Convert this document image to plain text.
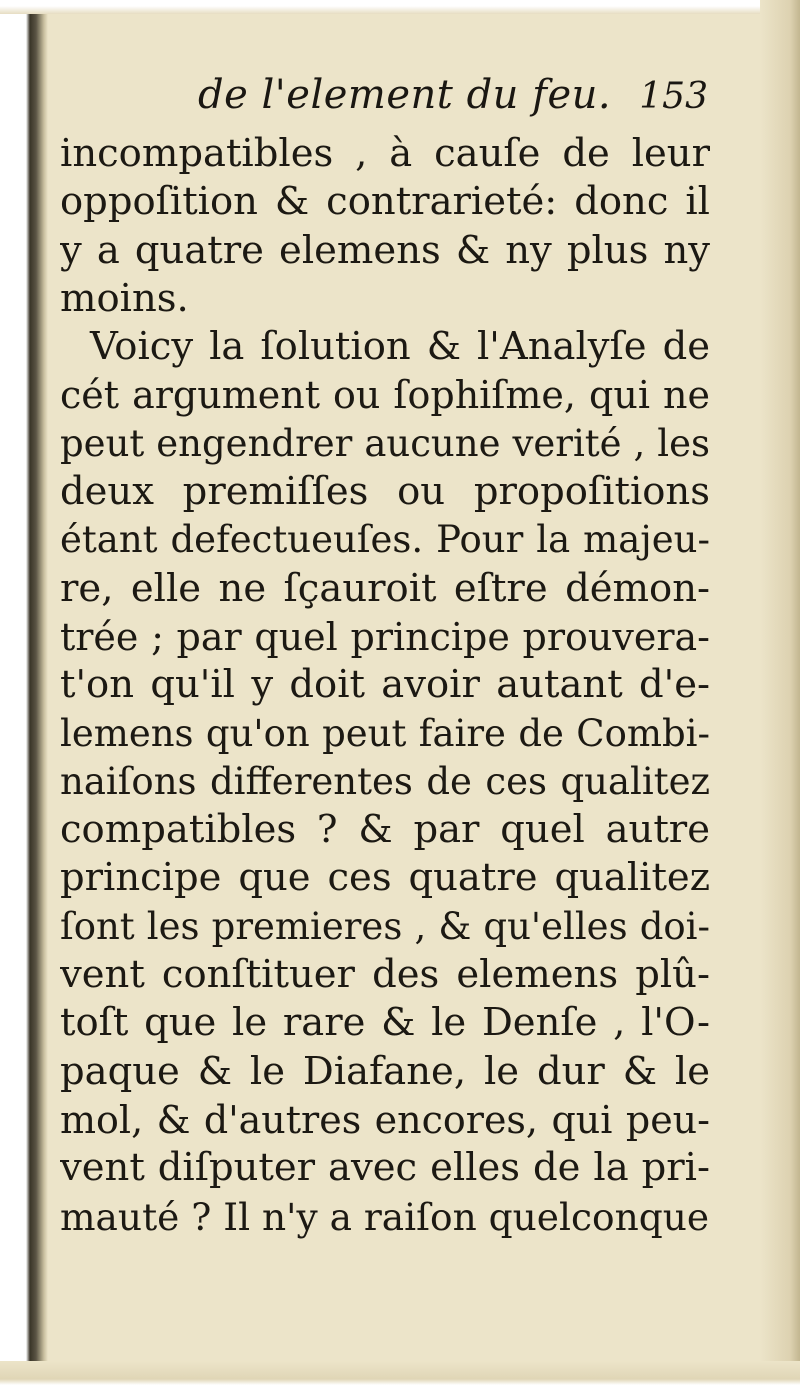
de l'element du feu. 153
incompatibles , à cauſe de leur
oppoſition & contrarieté: donc il
y a quatre elemens & ny plus ny
moins.
Voicy la ſolution & l'Analyſe de
cét argument ou ſophiſme, qui ne
peut engendrer aucune verité , les
deux premiſſes ou propoſitions
étant defectueuſes. Pour la majeu-
re, elle ne ſçauroit eſtre démon-
trée ; par quel principe prouvera-
t'on qu'il y doit avoir autant d'e-
lemens qu'on peut faire de Combi-
naiſons differentes de ces qualitez
compatibles ? & par quel autre
principe que ces quatre qualitez
ſont les premieres , & qu'elles doi-
vent conſtituer des elemens plû-
toſt que le rare & le Denſe , l'O-
paque & le Diafane, le dur & le
mol, & d'autres encores, qui peu-
vent diſputer avec elles de la pri-
mauté ? Il n'y a raiſon quelconque
